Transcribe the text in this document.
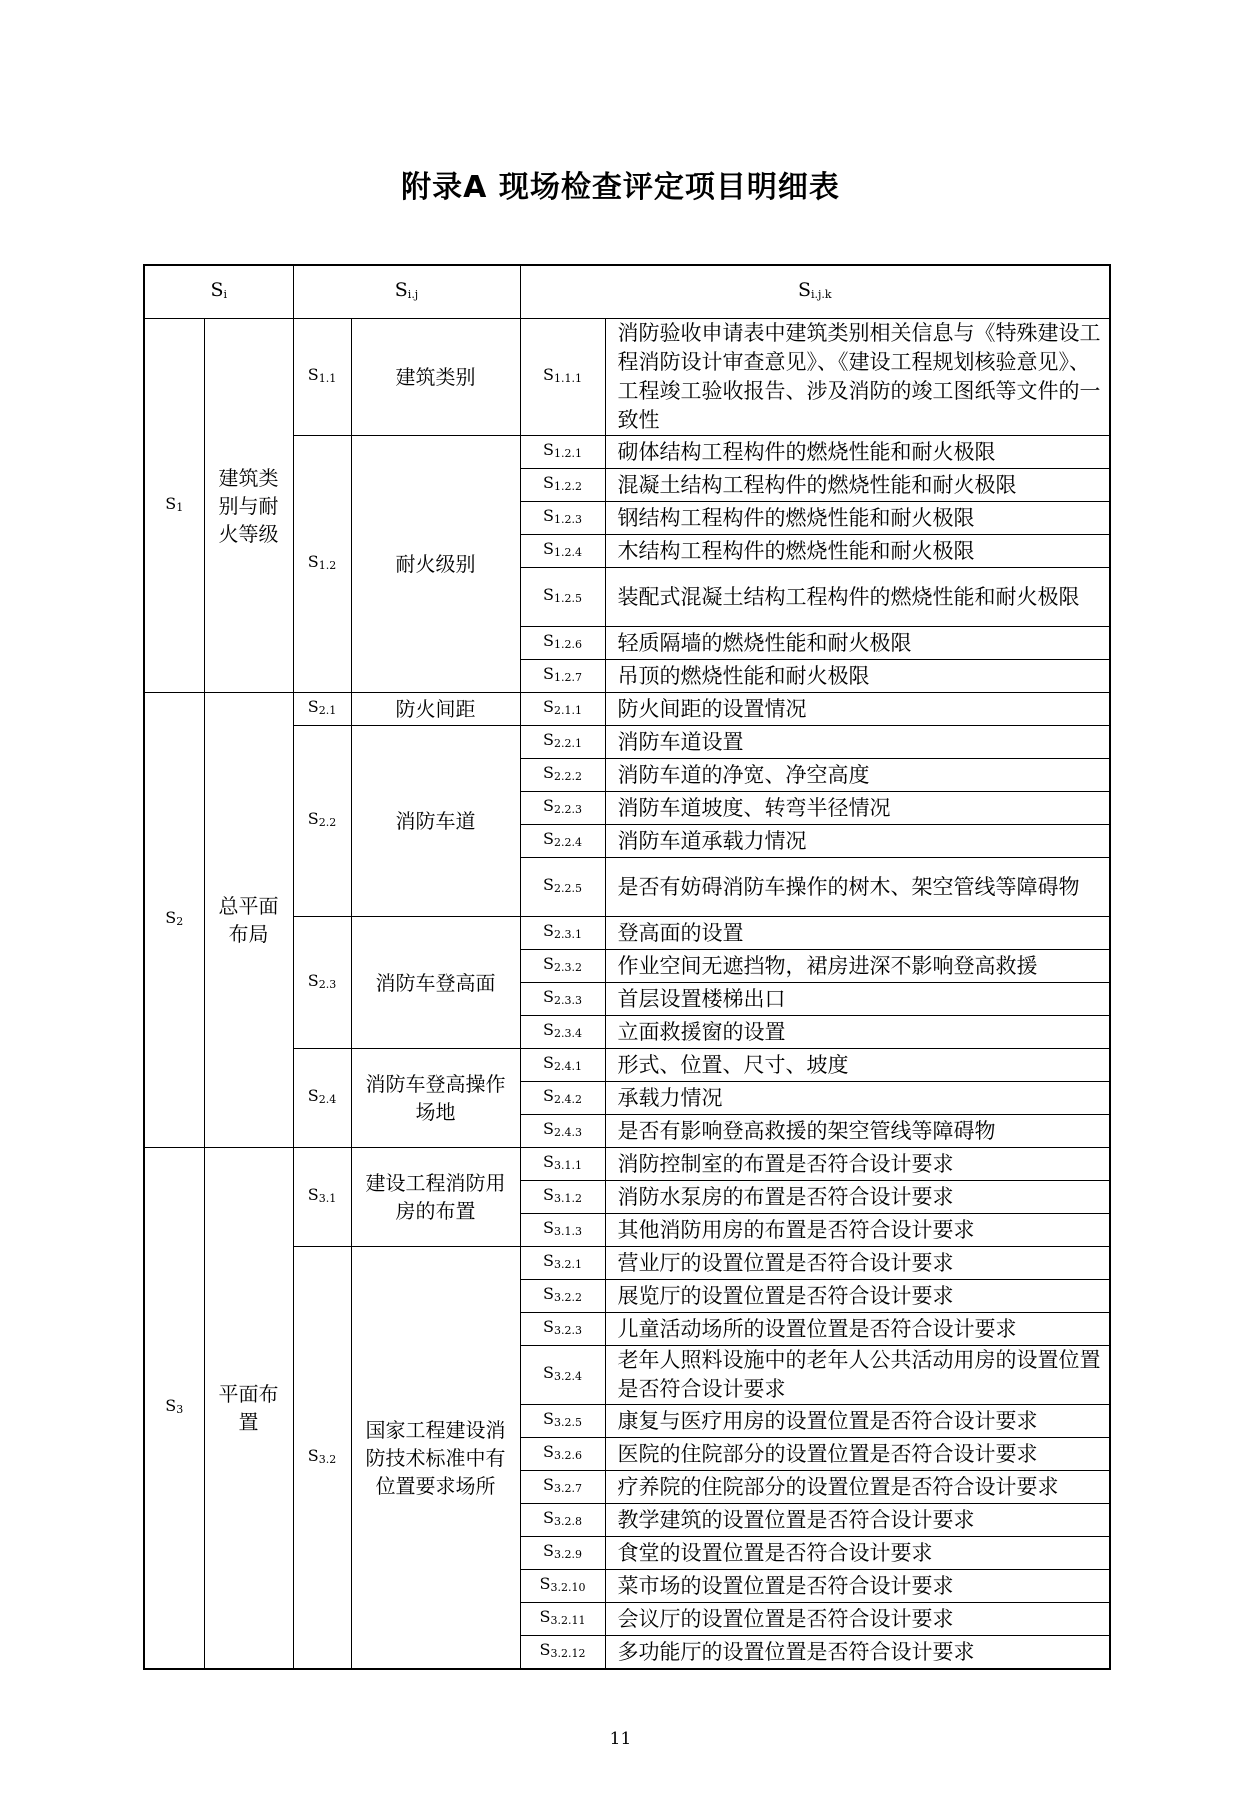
附录A 现场检查评定项目明细表
$S_i$		$S_{i.j}$		$S_{i.j.k}$
$S_1$	建筑类别与耐火等级	$S_{1.1}$	建筑类别	$S_{1.1.1}$	消防验收申请表中建筑类别相关信息与《特殊建设工程消防设计审查意见》、《建设工程规划核验意见》、工程竣工验收报告、涉及消防的竣工图纸等文件的一致性
		$S_{1.2}$	耐火级别	$S_{1.2.1}$	砌体结构工程构件的燃烧性能和耐火极限
				$S_{1.2.2}$	混凝土结构工程构件的燃烧性能和耐火极限
				$S_{1.2.3}$	钢结构工程构件的燃烧性能和耐火极限
				$S_{1.2.4}$	木结构工程构件的燃烧性能和耐火极限
				$S_{1.2.5}$	装配式混凝土结构工程构件的燃烧性能和耐火极限
				$S_{1.2.6}$	轻质隔墙的燃烧性能和耐火极限
				$S_{1.2.7}$	吊顶的燃烧性能和耐火极限
$S_2$	总平面布局	$S_{2.1}$	防火间距	$S_{2.1.1}$	防火间距的设置情况
		$S_{2.2}$	消防车道	$S_{2.2.1}$	消防车道设置
				$S_{2.2.2}$	消防车道的净宽、净空高度
				$S_{2.2.3}$	消防车道坡度、转弯半径情况
				$S_{2.2.4}$	消防车道承载力情况
				$S_{2.2.5}$	是否有妨碍消防车操作的树木、架空管线等障碍物
		$S_{2.3}$	消防车登高面	$S_{2.3.1}$	登高面的设置
				$S_{2.3.2}$	作业空间无遮挡物，裙房进深不影响登高救援
				$S_{2.3.3}$	首层设置楼梯出口
				$S_{2.3.4}$	立面救援窗的设置
		$S_{2.4}$	消防车登高操作场地	$S_{2.4.1}$	形式、位置、尺寸、坡度
				$S_{2.4.2}$	承载力情况
				$S_{2.4.3}$	是否有影响登高救援的架空管线等障碍物
$S_3$	平面布置	$S_{3.1}$	建设工程消防用房的布置	$S_{3.1.1}$	消防控制室的布置是否符合设计要求
				$S_{3.1.2}$	消防水泵房的布置是否符合设计要求
				$S_{3.1.3}$	其他消防用房的布置是否符合设计要求
		$S_{3.2}$	国家工程建设消防技术标准中有位置要求场所	$S_{3.2.1}$	营业厅的设置位置是否符合设计要求
				$S_{3.2.2}$	展览厅的设置位置是否符合设计要求
				$S_{3.2.3}$	儿童活动场所的设置位置是否符合设计要求
				$S_{3.2.4}$	老年人照料设施中的老年人公共活动用房的设置位置是否符合设计要求
				$S_{3.2.5}$	康复与医疗用房的设置位置是否符合设计要求
				$S_{3.2.6}$	医院的住院部分的设置位置是否符合设计要求
				$S_{3.2.7}$	疗养院的住院部分的设置位置是否符合设计要求
				$S_{3.2.8}$	教学建筑的设置位置是否符合设计要求
				$S_{3.2.9}$	食堂的设置位置是否符合设计要求
				$S_{3.2.10}$	菜市场的设置位置是否符合设计要求
				$S_{3.2.11}$	会议厅的设置位置是否符合设计要求
				$S_{3.2.12}$	多功能厅的设置位置是否符合设计要求
11
